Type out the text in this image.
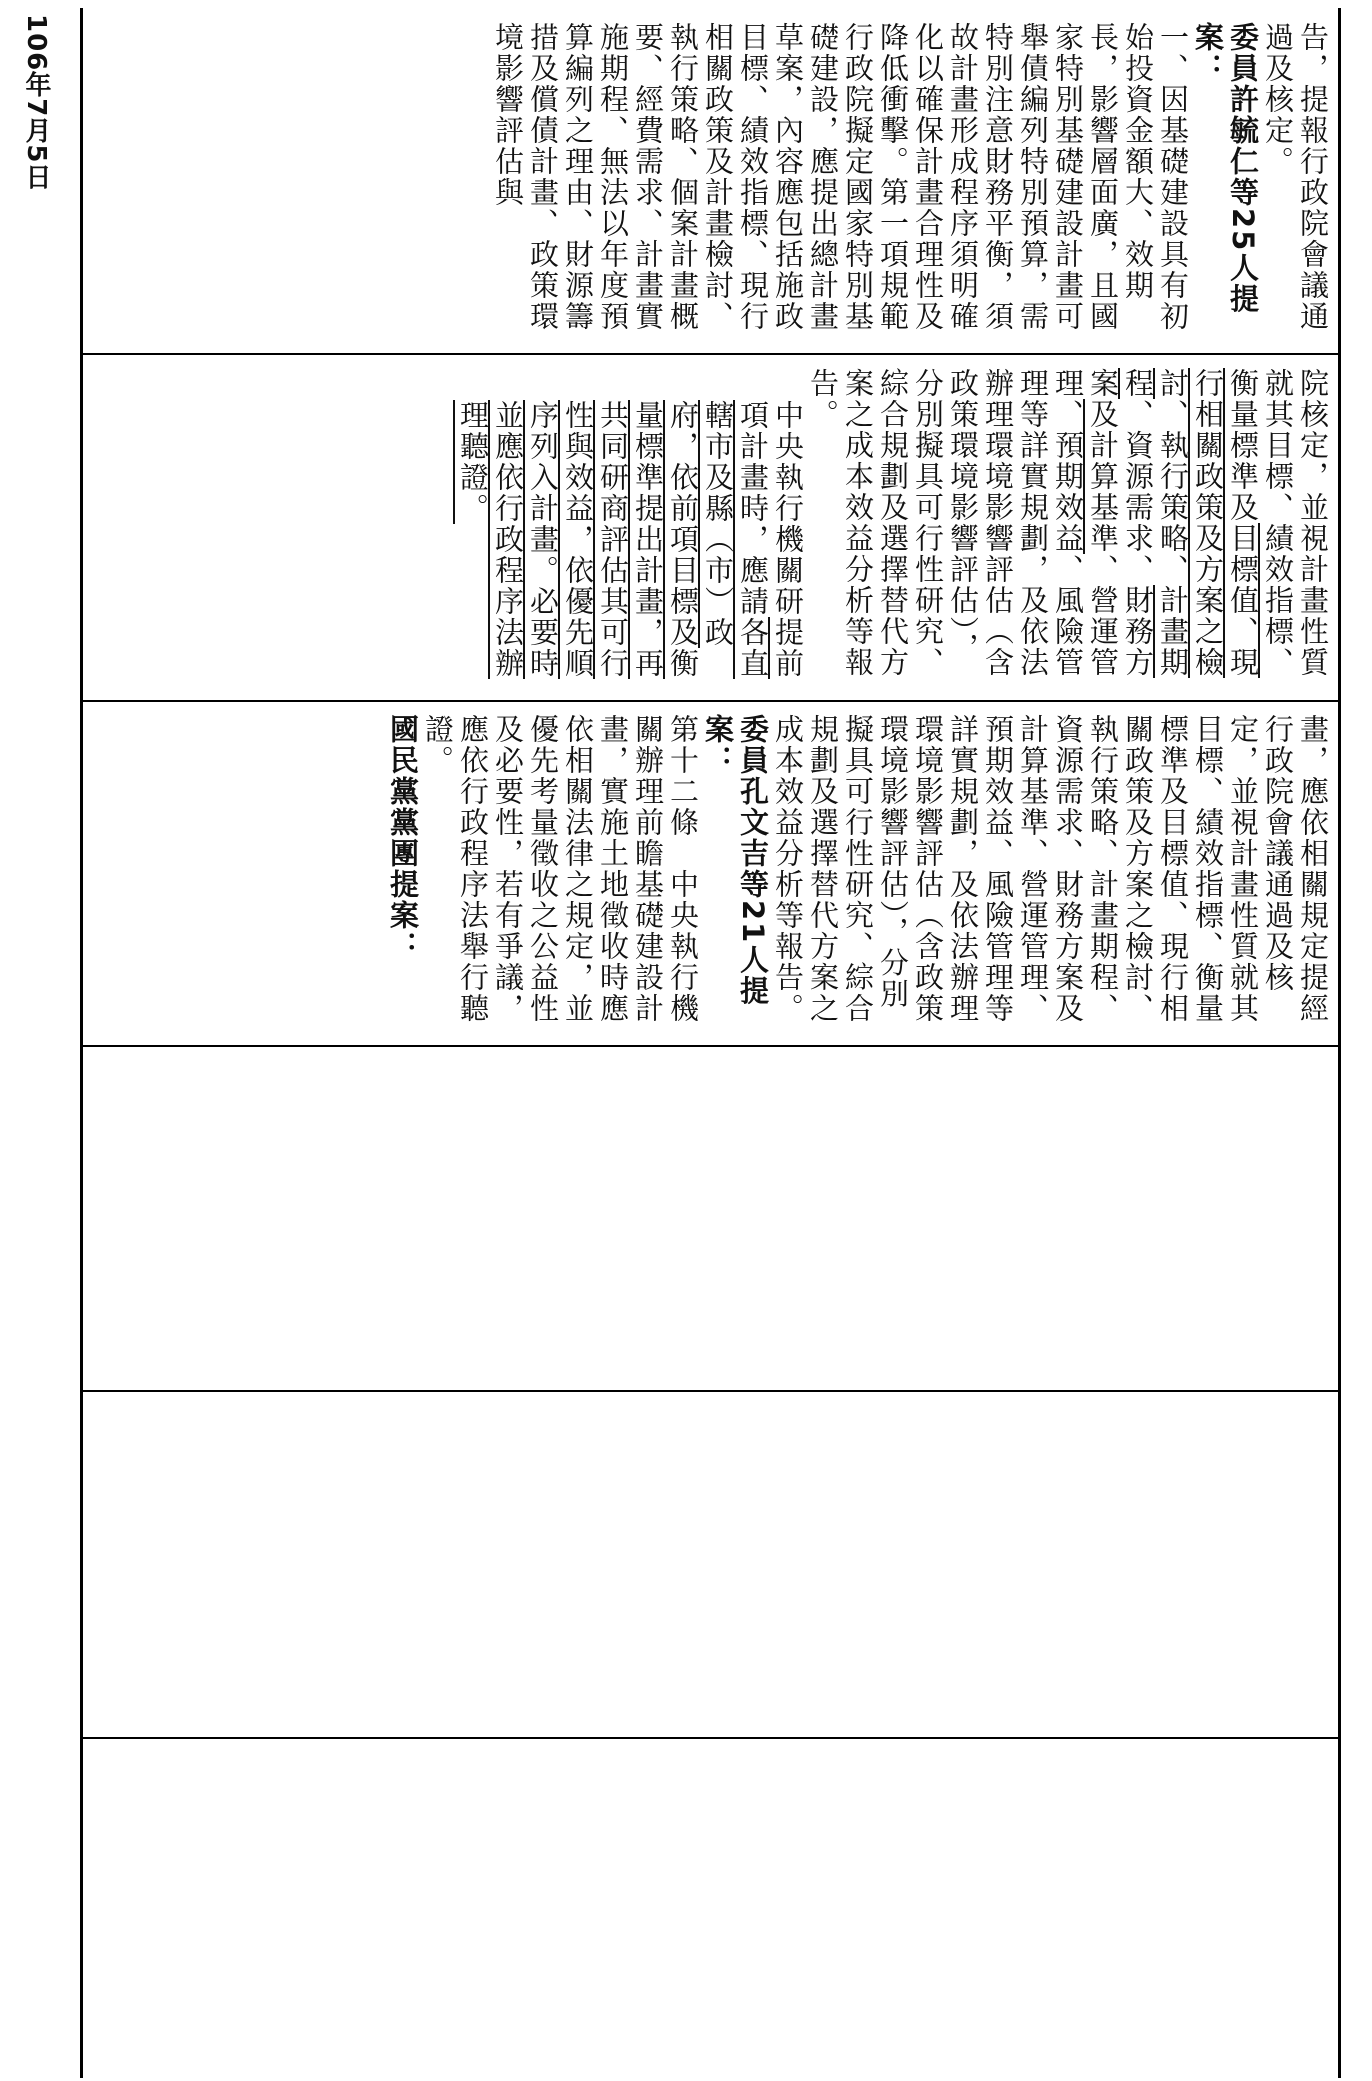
106年7月5日	告，提報行政院會議通過及核定。

委員許毓仁等25人提案：

一、因基礎建設具有初始投資金額大、效期長，影響層面廣，且國家特別基礎建設計畫可舉債編列特別預算，需特別注意財務平衡，須故計畫形成程序須明確化以確保計畫合理性及降低衝擊。第一項規範行政院擬定國家特別基礎建設，應提出總計畫草案，內容應包括施政目標、績效指標、現行相關政策及計畫檢討、執行策略、個案計畫概要、經費需求、計畫實施期程、無法以年度預算編列之理由、財源籌措及償債計畫、政策環境影響評估與

院核定，並視計畫性質就其目標、績效指標、衡量標準及目標值、現行相關政策及方案之檢討、執行策略、計畫期程、資源需求、財務方案及計算基準、營運管理、預期效益、風險管理等詳實規劃，及依法辦理環境影響評估（含政策環境影響評估），分別擬具可行性研究、綜合規劃及選擇替代方案之成本效益分析等報告。

中央執行機關研提前項計畫時，應請各直轄市及縣（市）政府，依前項目標及衡量標準提出計畫，再共同研商評估其可行性與效益，依優先順序列入計畫。必要時並應依行政程序法辦理聽證。

畫，應依相關規定提經行政院會議通過及核定，並視計畫性質就其目標、績效指標、衡量標準及目標值、現行相關政策及方案之檢討、執行策略、計畫期程、資源需求、財務方案及計算基準、營運管理、預期效益、風險管理等詳實規劃，及依法辦理環境影響評估（含政策環境影響評估），分別擬具可行性研究、綜合規劃及選擇替代方案之成本效益分析等報告。

委員孔文吉等21人提案：

第十二條　中央執行機關辦理前瞻基礎建設計畫，實施土地徵收時應依相關法律之規定，並優先考量徵收之公益性及必要性，若有爭議，應依行政程序法舉行聽證。

國民黨黨團提案：
